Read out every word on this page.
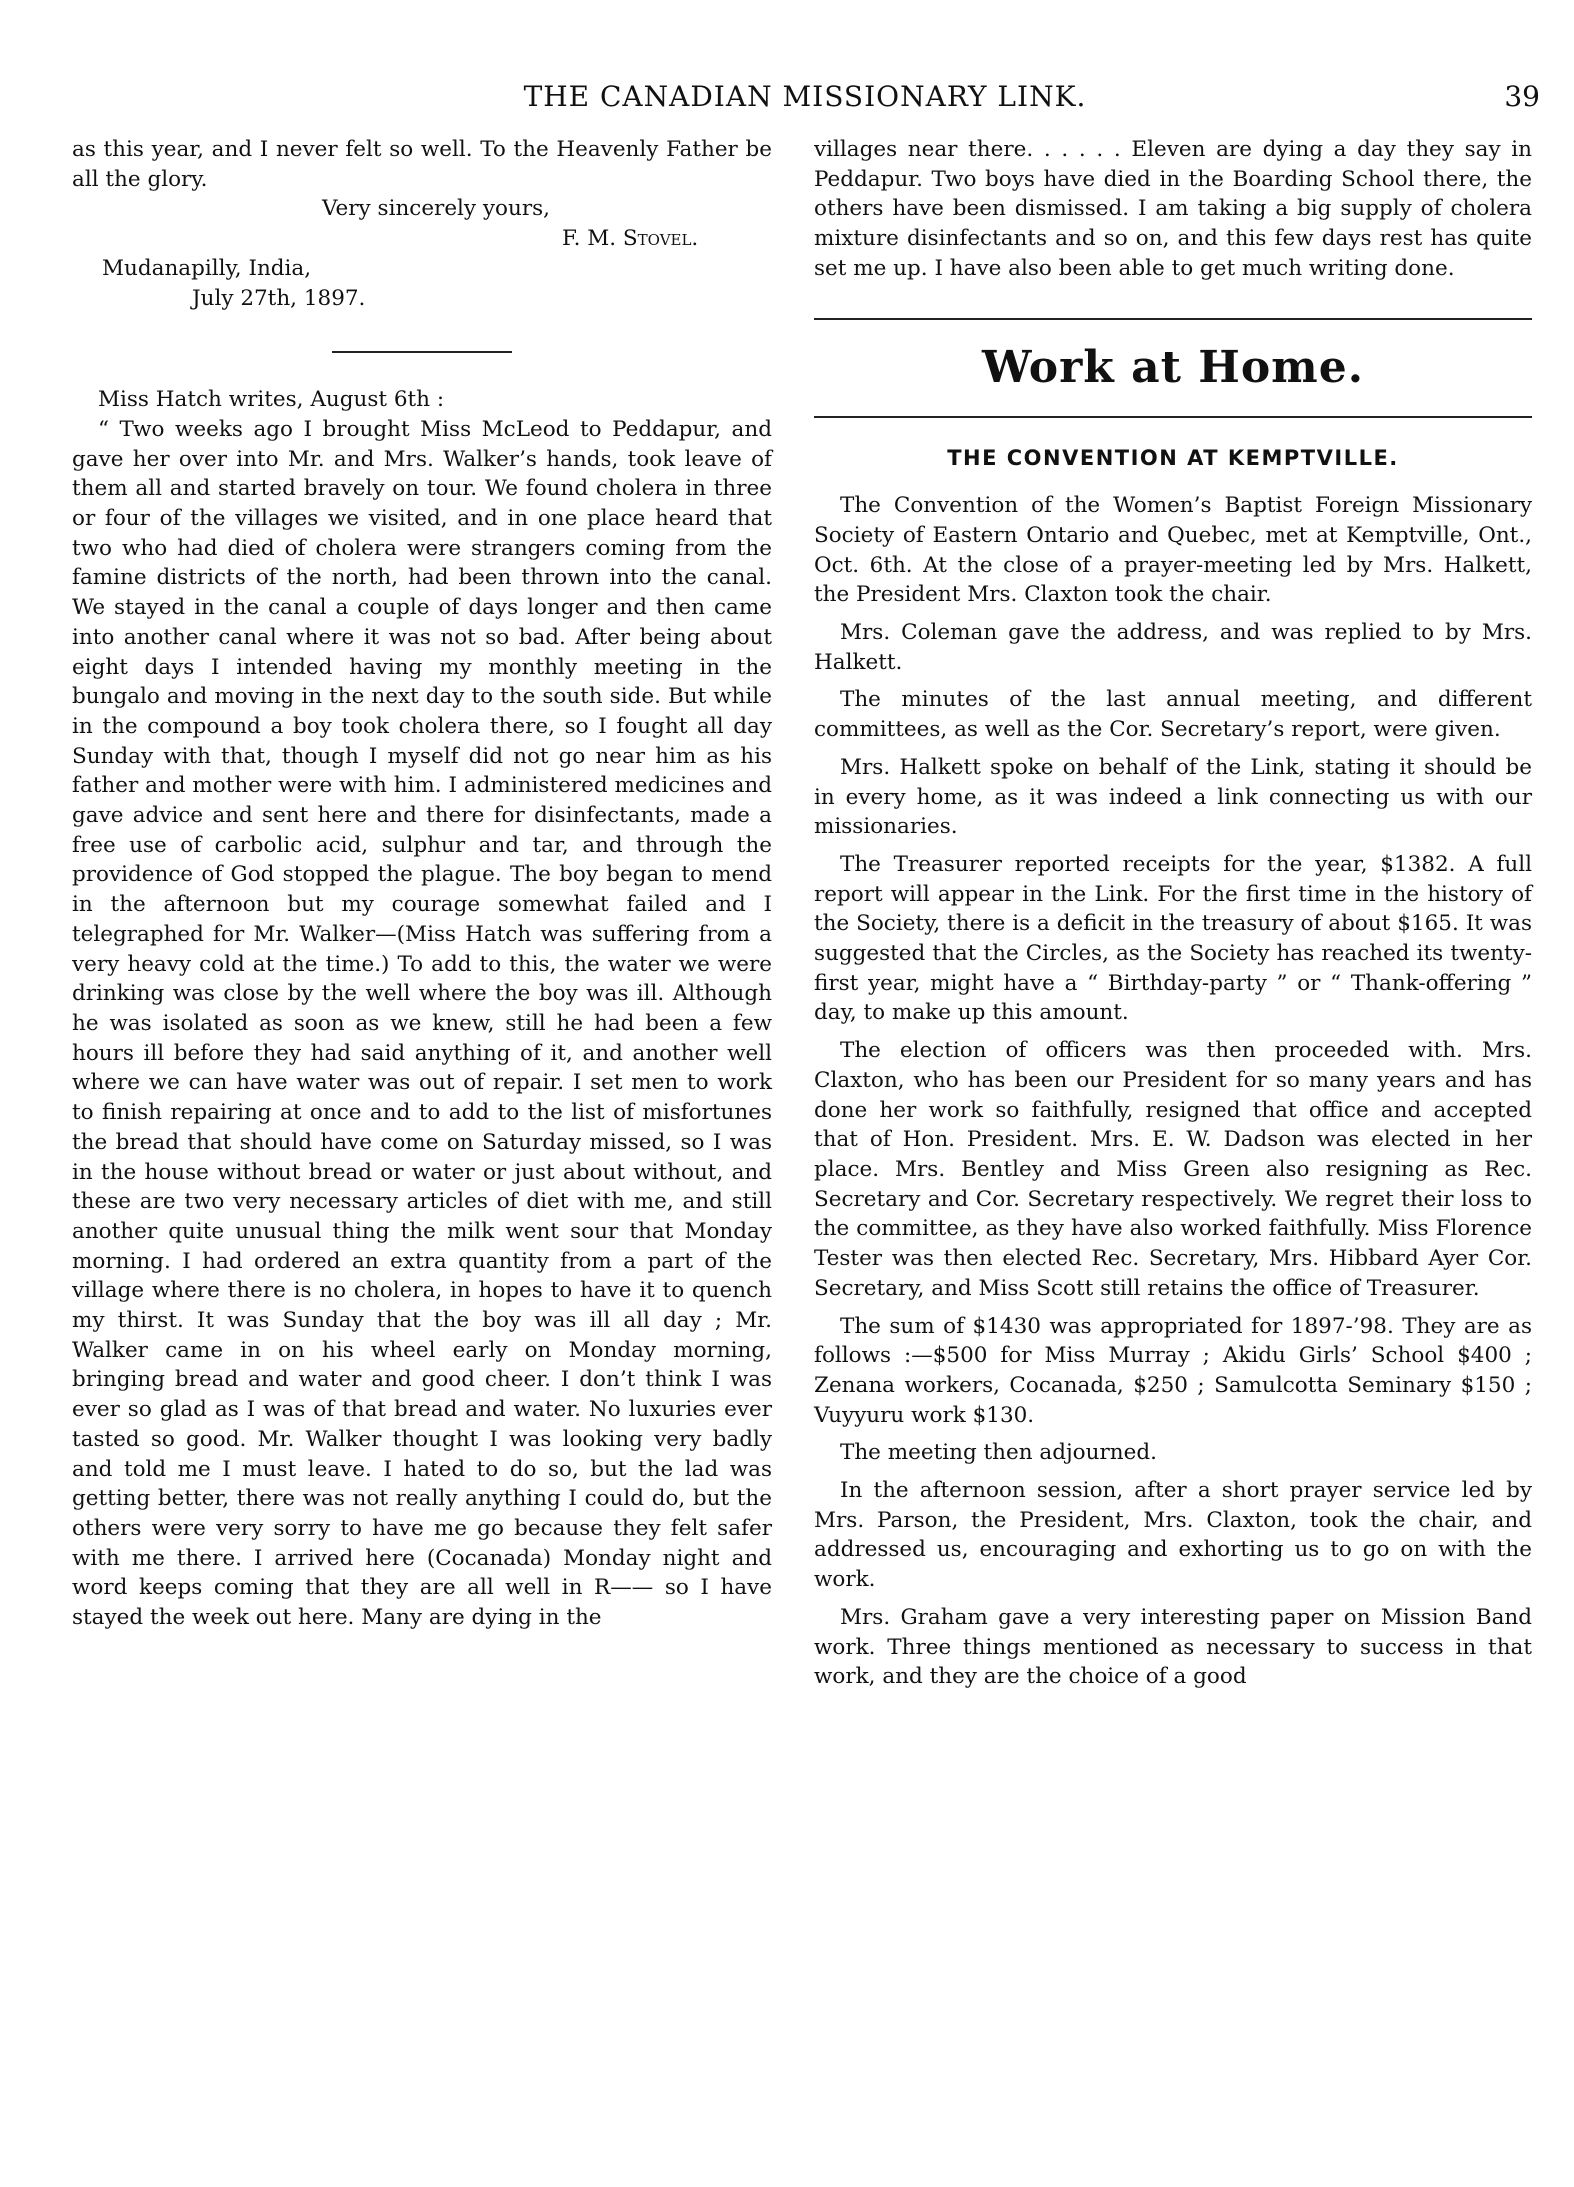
THE CANADIAN MISSIONARY LINK.	39

as this year, and I never felt so well. To the Heavenly Father be all the glory.

Very sincerely yours,

F. M. Stovel.

Mudanapilly, India,

July 27th, 1897.

Miss Hatch writes, August 6th :

“ Two weeks ago I brought Miss McLeod to Peddapur, and gave her over into Mr. and Mrs. Walker’s hands, took leave of them all and started bravely on tour. We found cholera in three or four of the villages we visited, and in one place heard that two who had died of cholera were strangers coming from the famine districts of the north, had been thrown into the canal. We stayed in the canal a couple of days longer and then came into another canal where it was not so bad. After being about eight days I intended having my monthly meeting in the bungalo and moving in the next day to the south side. But while in the compound a boy took cholera there, so I fought all day Sunday with that, though I myself did not go near him as his father and mother were with him. I administered medicines and gave advice and sent here and there for disinfectants, made a free use of carbolic acid, sulphur and tar, and through the providence of God stopped the plague. The boy began to mend in the afternoon but my courage somewhat failed and I telegraphed for Mr. Walker—(Miss Hatch was suffering from a very heavy cold at the time.) To add to this, the water we were drinking was close by the well where the boy was ill. Although he was isolated as soon as we knew, still he had been a few hours ill before they had said anything of it, and another well where we can have water was out of repair. I set men to work to finish repairing at once and to add to the list of misfortunes the bread that should have come on Saturday missed, so I was in the house without bread or water or just about without, and these are two very necessary articles of diet with me, and still another quite unusual thing the milk went sour that Monday morning. I had ordered an extra quantity from a part of the village where there is no cholera, in hopes to have it to quench my thirst. It was Sunday that the boy was ill all day ; Mr. Walker came in on his wheel early on Monday morning, bringing bread and water and good cheer. I don’t think I was ever so glad as I was of that bread and water. No luxuries ever tasted so good. Mr. Walker thought I was looking very badly and told me I must leave. I hated to do so, but the lad was getting better, there was not really anything I could do, but the others were very sorry to have me go because they felt safer with me there. I arrived here (Cocanada) Monday night and word keeps coming that they are all well in R—— so I have stayed the week out here. Many are dying in the

villages near there. . . . . . Eleven are dying a day they say in Peddapur. Two boys have died in the Boarding School there, the others have been dismissed. I am taking a big supply of cholera mixture disinfectants and so on, and this few days rest has quite set me up. I have also been able to get much writing done.

Work at Home.
THE CONVENTION AT KEMPTVILLE.

The Convention of the Women’s Baptist Foreign Missionary Society of Eastern Ontario and Quebec, met at Kemptville, Ont., Oct. 6th. At the close of a prayer-meeting led by Mrs. Halkett, the President Mrs. Claxton took the chair.

Mrs. Coleman gave the address, and was replied to by Mrs. Halkett.

The minutes of the last annual meeting, and different committees, as well as the Cor. Secretary’s report, were given.

Mrs. Halkett spoke on behalf of the Link, stating it should be in every home, as it was indeed a link connecting us with our missionaries.

The Treasurer reported receipts for the year, $1382. A full report will appear in the Link. For the first time in the history of the Society, there is a deficit in the treasury of about $165. It was suggested that the Circles, as the Society has reached its twenty-first year, might have a “ Birthday-party ” or “ Thank-offering ” day, to make up this amount.

The election of officers was then proceeded with. Mrs. Claxton, who has been our President for so many years and has done her work so faithfully, resigned that office and accepted that of Hon. President. Mrs. E. W. Dadson was elected in her place. Mrs. Bentley and Miss Green also resigning as Rec. Secretary and Cor. Secretary respectively. We regret their loss to the committee, as they have also worked faithfully. Miss Florence Tester was then elected Rec. Secretary, Mrs. Hibbard Ayer Cor. Secretary, and Miss Scott still retains the office of Treasurer.

The sum of $1430 was appropriated for 1897-’98. They are as follows :—$500 for Miss Murray ; Akidu Girls’ School $400 ; Zenana workers, Cocanada, $250 ; Samulcotta Seminary $150 ; Vuyyuru work $130.

The meeting then adjourned.

In the afternoon session, after a short prayer service led by Mrs. Parson, the President, Mrs. Claxton, took the chair, and addressed us, encouraging and exhorting us to go on with the work.

Mrs. Graham gave a very interesting paper on Mission Band work. Three things mentioned as necessary to success in that work, and they are the choice of a good
